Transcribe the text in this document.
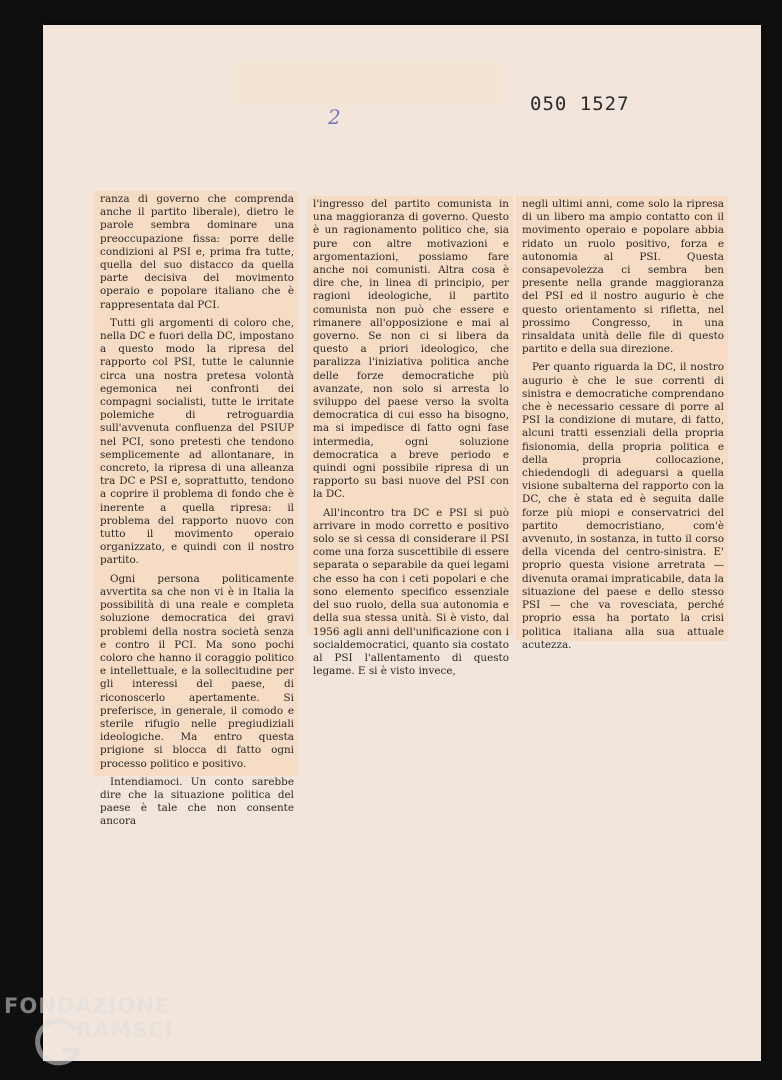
2
050 1527

ranza di governo che comprenda anche il partito liberale), dietro le parole sembra dominare una preoccupazione fissa: porre delle condizioni al PSI e, prima fra tutte, quella del suo distacco da quella parte decisiva del movimento operaio e popolare italiano che è rappresentata dal PCI.

Tutti gli argomenti di coloro che, nella DC e fuori della DC, impostano a questo modo la ripresa del rapporto col PSI, tutte le calunnie circa una nostra pretesa volontà egemonica nei confronti dei compagni socialisti, tutte le irritate polemiche di retroguardia sull'avvenuta confluenza del PSIUP nel PCI, sono pretesti che tendono semplicemente ad allontanare, in concreto, la ripresa di una alleanza tra DC e PSI e, soprattutto, tendono a coprire il problema di fondo che è inerente a quella ripresa: il problema del rapporto nuovo con tutto il movimento operaio organizzato, e quindi con il nostro partito.

Ogni persona politicamente avvertita sa che non vi è in Italia la possibilità di una reale e completa soluzione democratica dei gravi problemi della nostra società senza e contro il PCI. Ma sono pochi coloro che hanno il coraggio politico e intellettuale, e la sollecitudine per gli interessi del paese, di riconoscerlo apertamente. Si preferisce, in generale, il comodo e sterile rifugio nelle pregiudiziali ideologiche. Ma entro questa prigione si blocca di fatto ogni processo politico e positivo.

Intendiamoci. Un conto sarebbe dire che la situazione politica del paese è tale che non consente ancora

l'ingresso del partito comunista in una maggioranza di governo. Questo è un ragionamento politico che, sia pure con altre motivazioni e argomentazioni, possiamo fare anche noi comunisti. Altra cosa è dire che, in linea di principio, per ragioni ideologiche, il partito comunista non può che essere e rimanere all'opposizione e mai al governo. Se non ci si libera da questo a priori ideologico, che paralizza l'iniziativa politica anche delle forze democratiche più avanzate, non solo si arresta lo sviluppo del paese verso la svolta democratica di cui esso ha bisogno, ma si impedisce di fatto ogni fase intermedia, ogni soluzione democratica a breve periodo e quindi ogni possibile ripresa di un rapporto su basi nuove del PSI con la DC.

All'incontro tra DC e PSI si può arrivare in modo corretto e positivo solo se si cessa di considerare il PSI come una forza suscettibile di essere separata o separabile da quei legami che esso ha con i ceti popolari e che sono elemento specifico essenziale del suo ruolo, della sua autonomia e della sua stessa unità. Si è visto, dal 1956 agli anni dell'unificazione con i socialdemocratici, quanto sia costato al PSI l'allentamento di questo legame. E si è visto invece,

negli ultimi anni, come solo la ripresa di un libero ma ampio contatto con il movimento operaio e popolare abbia ridato un ruolo positivo, forza e autonomia al PSI. Questa consapevolezza ci sembra ben presente nella grande maggioranza del PSI ed il nostro augurio è che questo orientamento si rifletta, nel prossimo Congresso, in una rinsaldata unità delle file di questo partito e della sua direzione.

Per quanto riguarda la DC, il nostro augurio è che le sue correnti di sinistra e democratiche comprendano che è necessario cessare di porre al PSI la condizione di mutare, di fatto, alcuni tratti essenziali della propria fisionomia, della propria politica e della propria collocazione, chiedendogli di adeguarsi a quella visione subalterna del rapporto con la DC, che è stata ed è seguita dalle forze più miopi e conservatrici del partito democristiano, com'è avvenuto, in sostanza, in tutto il corso della vicenda del centro-sinistra. E' proprio questa visione arretrata — divenuta oramai impraticabile, data la situazione del paese e dello stesso PSI — che va rovesciata, perché proprio essa ha portato la crisi politica italiana alla sua attuale acutezza.

FONDAZIONE
RAMSCI
